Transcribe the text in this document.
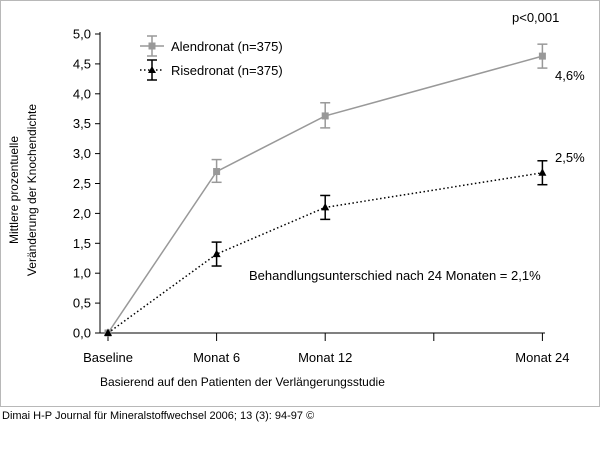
0,0
0,5
1,0
1,5
2,0
2,5
3,0
3,5
4,0
4,5
5,0
Baseline	Monat 6	Monat 12	Monat 24
Mittlere prozentuelle Veränderung der Knochendichte
Basierend auf den Patienten der Verlängerungsstudie
Alendronat (n=375)
Risedronat (n=375)
p<0,001
Behandlungsunterschied nach 24 Monaten = 2,1%
4,6%
2,5%
Dimai H-P Journal für Mineralstoffwechsel 2006; 13 (3): 94-97 ©
